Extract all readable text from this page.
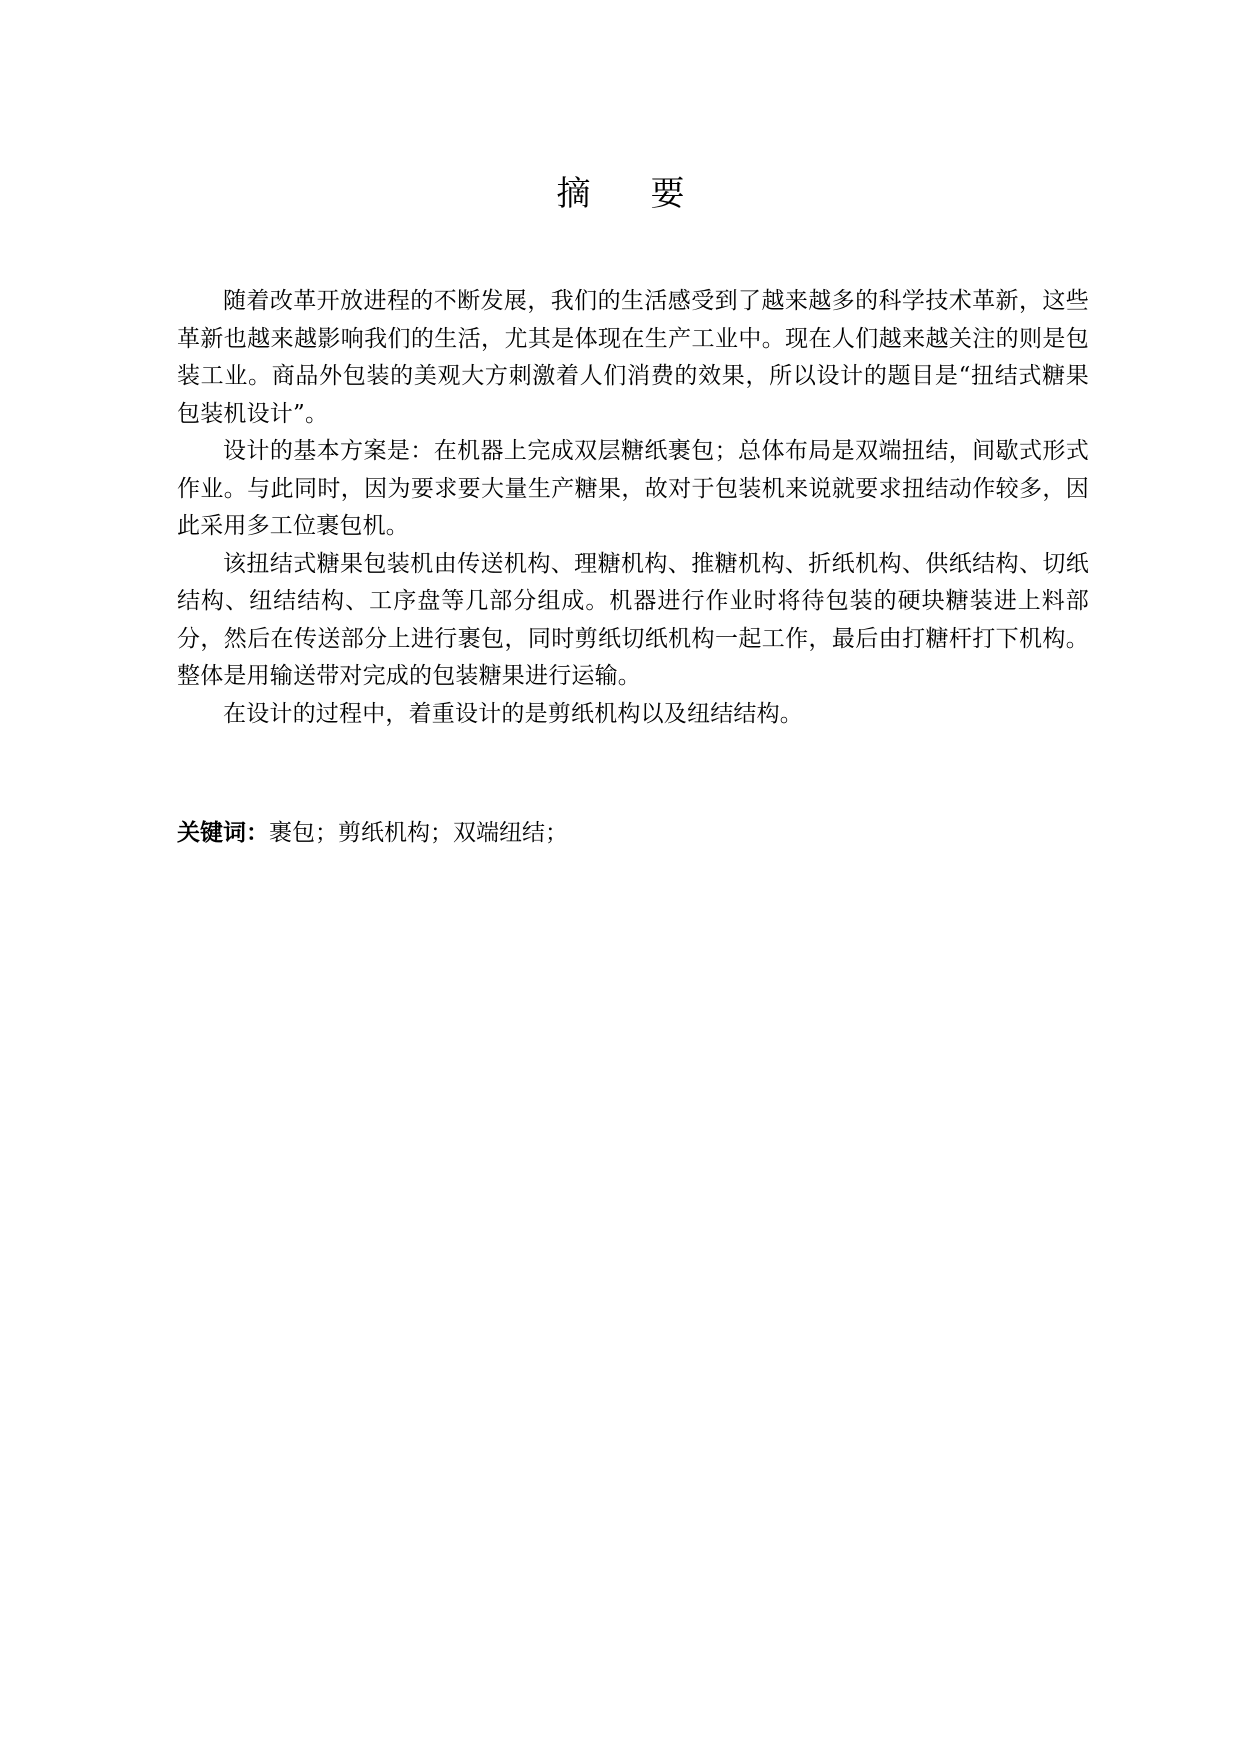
摘 要

随着改革开放进程的不断发展，我们的生活感受到了越来越多的科学技术革新，这些革新也越来越影响我们的生活，尤其是体现在生产工业中。现在人们越来越关注的则是包装工业。商品外包装的美观大方刺激着人们消费的效果，所以设计的题目是“扭结式糖果包装机设计”。

设计的基本方案是：在机器上完成双层糖纸裹包；总体布局是双端扭结，间歇式形式作业。与此同时，因为要求要大量生产糖果，故对于包装机来说就要求扭结动作较多，因此采用多工位裹包机。

该扭结式糖果包装机由传送机构、理糖机构、推糖机构、折纸机构、供纸结构、切纸结构、纽结结构、工序盘等几部分组成。机器进行作业时将待包装的硬块糖装进上料部分，然后在传送部分上进行裹包，同时剪纸切纸机构一起工作，最后由打糖杆打下机构。整体是用输送带对完成的包装糖果进行运输。

在设计的过程中，着重设计的是剪纸机构以及纽结结构。

关键词：裹包；剪纸机构；双端纽结；
